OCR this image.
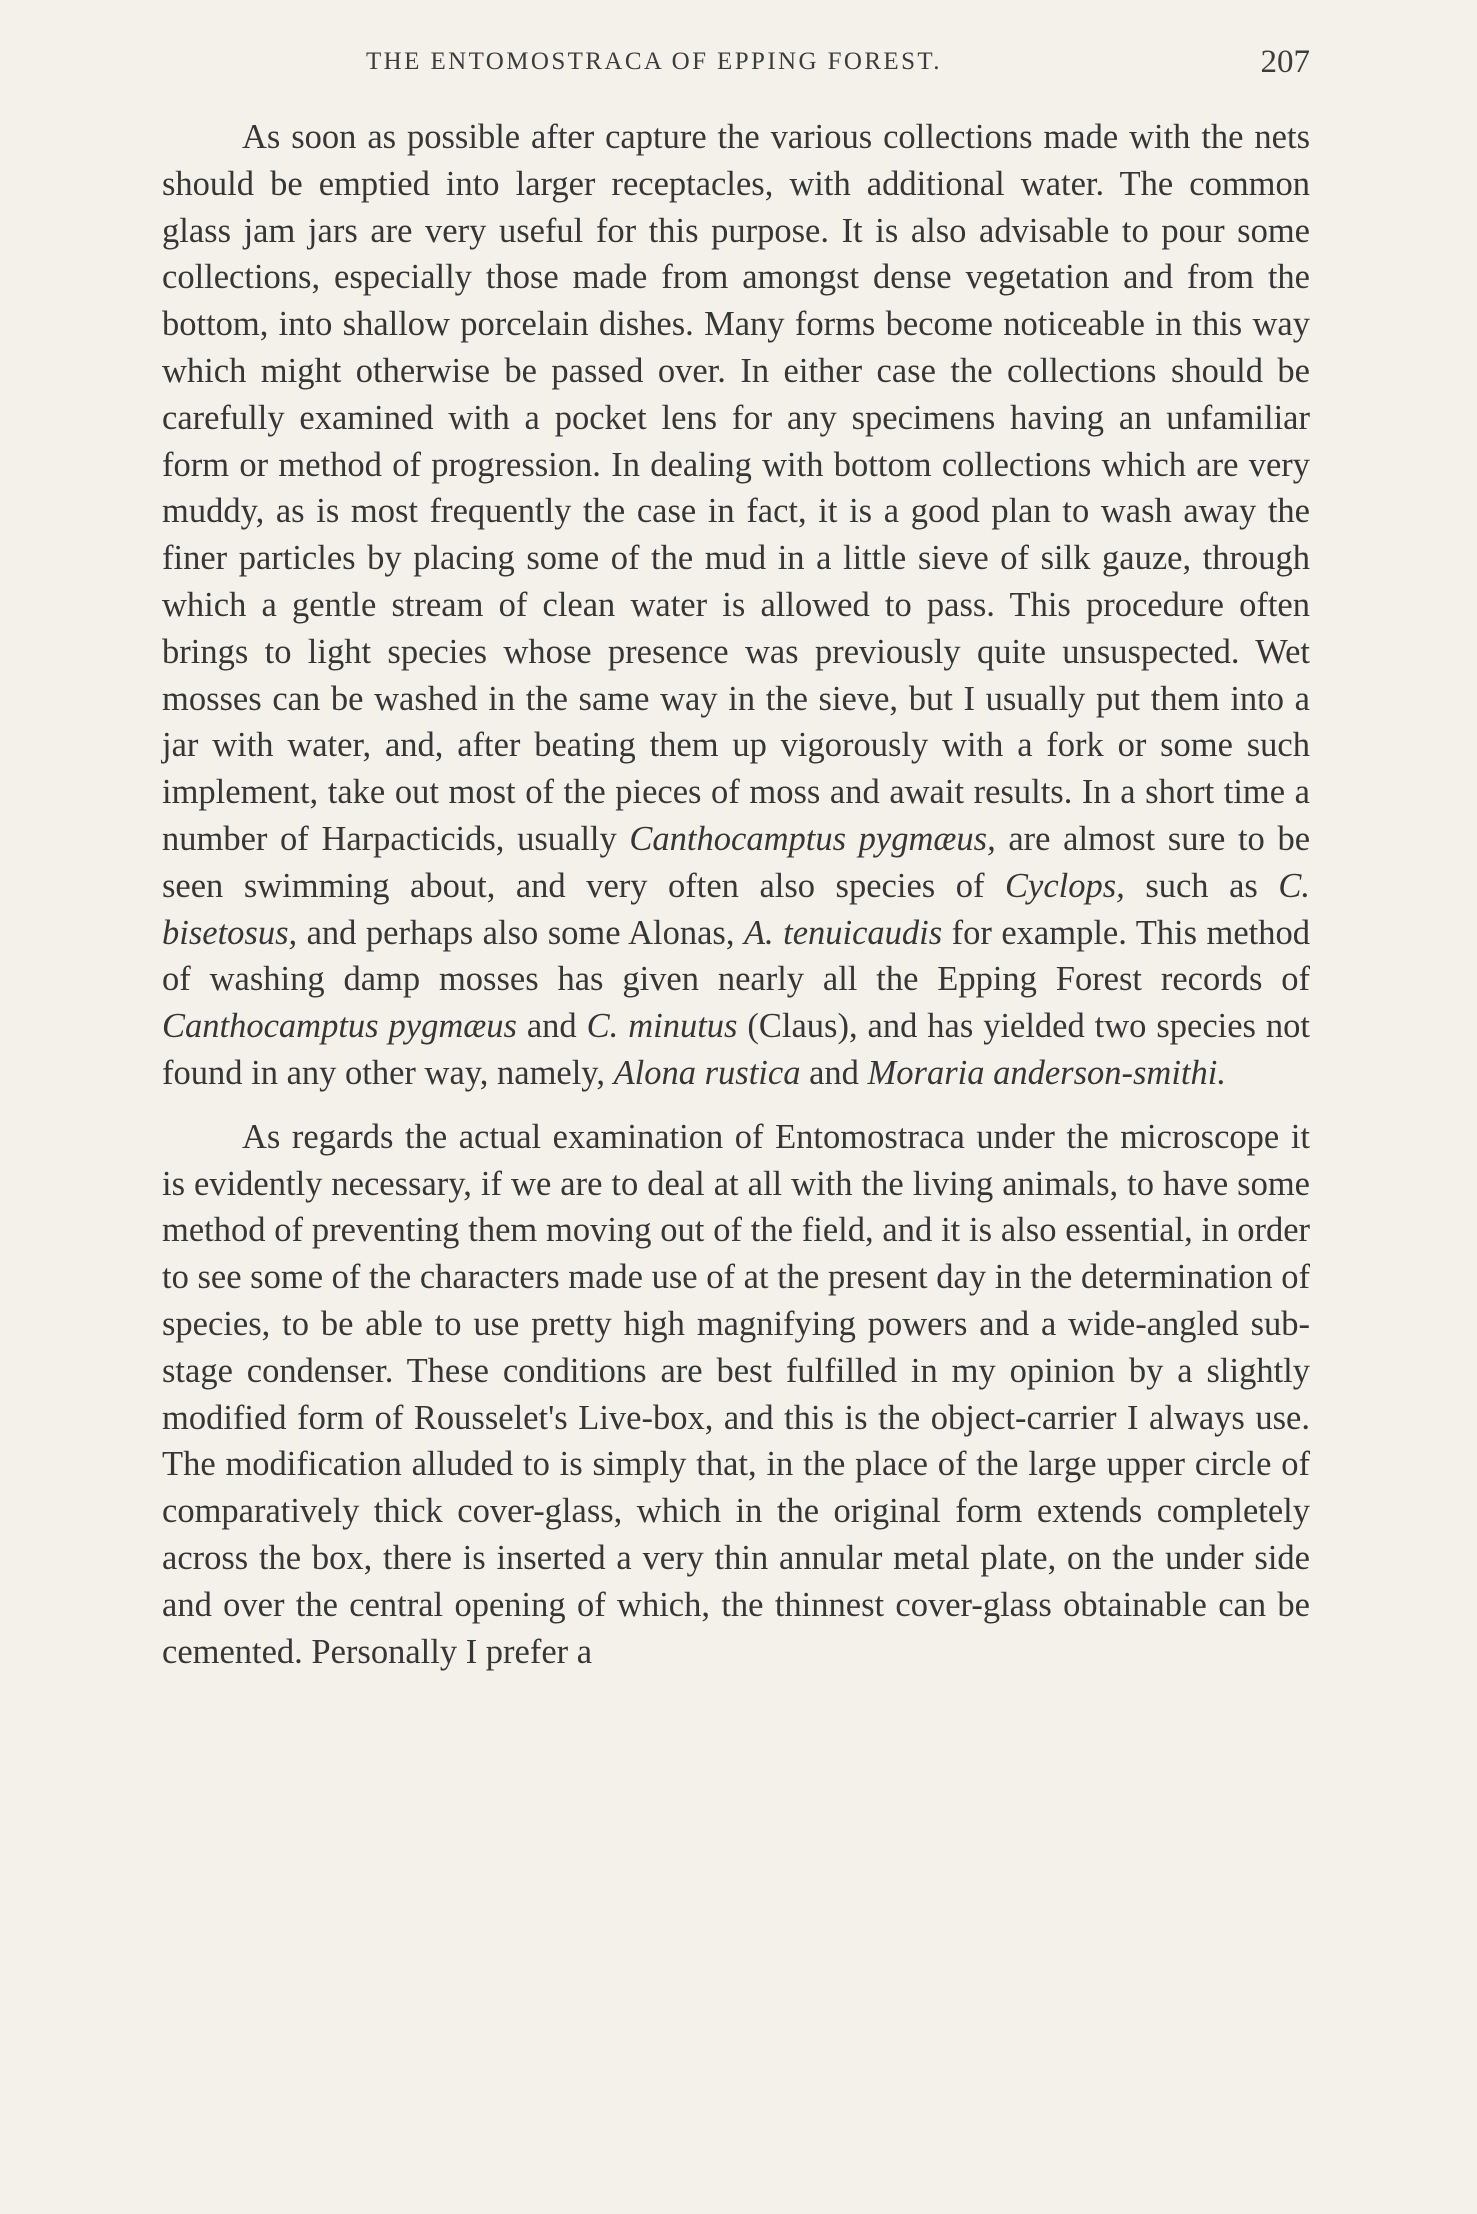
THE ENTOMOSTRACA OF EPPING FOREST.	207

As soon as possible after capture the various collections made with the nets should be emptied into larger receptacles, with additional water. The common glass jam jars are very useful for this purpose. It is also advisable to pour some collections, especially those made from amongst dense vegetation and from the bottom, into shallow porcelain dishes. Many forms become noticeable in this way which might otherwise be passed over. In either case the collections should be carefully examined with a pocket lens for any specimens having an unfamiliar form or method of progression. In dealing with bottom collections which are very muddy, as is most frequently the case in fact, it is a good plan to wash away the finer particles by placing some of the mud in a little sieve of silk gauze, through which a gentle stream of clean water is allowed to pass. This procedure often brings to light species whose presence was previously quite unsuspected. Wet mosses can be washed in the same way in the sieve, but I usually put them into a jar with water, and, after beating them up vigorously with a fork or some such implement, take out most of the pieces of moss and await results. In a short time a number of Harpacticids, usually Canthocamptus pygmæus, are almost sure to be seen swimming about, and very often also species of Cyclops, such as C. bisetosus, and perhaps also some Alonas, A. tenuicaudis for example. This method of washing damp mosses has given nearly all the Epping Forest records of Canthocamptus pygmæus and C. minutus (Claus), and has yielded two species not found in any other way, namely, Alona rustica and Moraria anderson-smithi.

As regards the actual examination of Entomostraca under the microscope it is evidently necessary, if we are to deal at all with the living animals, to have some method of preventing them moving out of the field, and it is also essential, in order to see some of the characters made use of at the present day in the determination of species, to be able to use pretty high magnifying powers and a wide-angled sub-stage condenser. These conditions are best fulfilled in my opinion by a slightly modified form of Rousselet's Live-box, and this is the object-carrier I always use. The modification alluded to is simply that, in the place of the large upper circle of comparatively thick cover-glass, which in the original form extends completely across the box, there is inserted a very thin annular metal plate, on the under side and over the central opening of which, the thinnest cover-glass obtainable can be cemented. Personally I prefer a
